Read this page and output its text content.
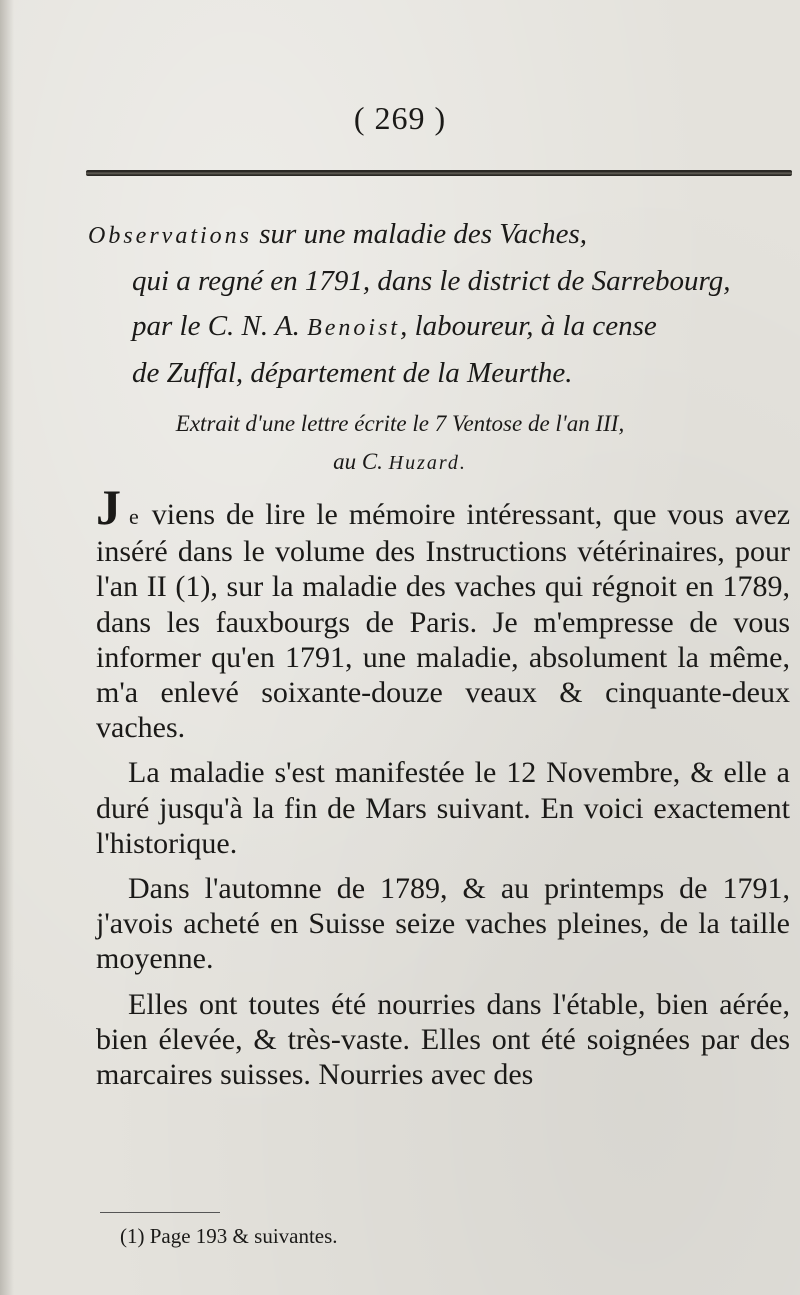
( 269 )
Observations sur une maladie des Vaches,
qui a regné en 1791, dans le district de Sarrebourg,
par le C. N. A. Benoist, laboureur, à la cense
de Zuffal, département de la Meurthe.
Extrait d'une lettre écrite le 7 Ventose de l'an III,
au C. Huzard.

Je viens de lire le mémoire intéressant, que vous avez inséré dans le volume des Instructions vétérinaires, pour l'an II (1), sur la maladie des vaches qui régnoit en 1789, dans les fauxbourgs de Paris. Je m'empresse de vous informer qu'en 1791, une maladie, absolument la même, m'a enlevé soixante-douze veaux & cinquante-deux vaches.

La maladie s'est manifestée le 12 Novembre, & elle a duré jusqu'à la fin de Mars suivant. En voici exactement l'historique.

Dans l'automne de 1789, & au printemps de 1791, j'avois acheté en Suisse seize vaches pleines, de la taille moyenne.

Elles ont toutes été nourries dans l'étable, bien aérée, bien élevée, & très-vaste. Elles ont été soignées par des marcaires suisses. Nourries avec des

(1) Page 193 & suivantes.
